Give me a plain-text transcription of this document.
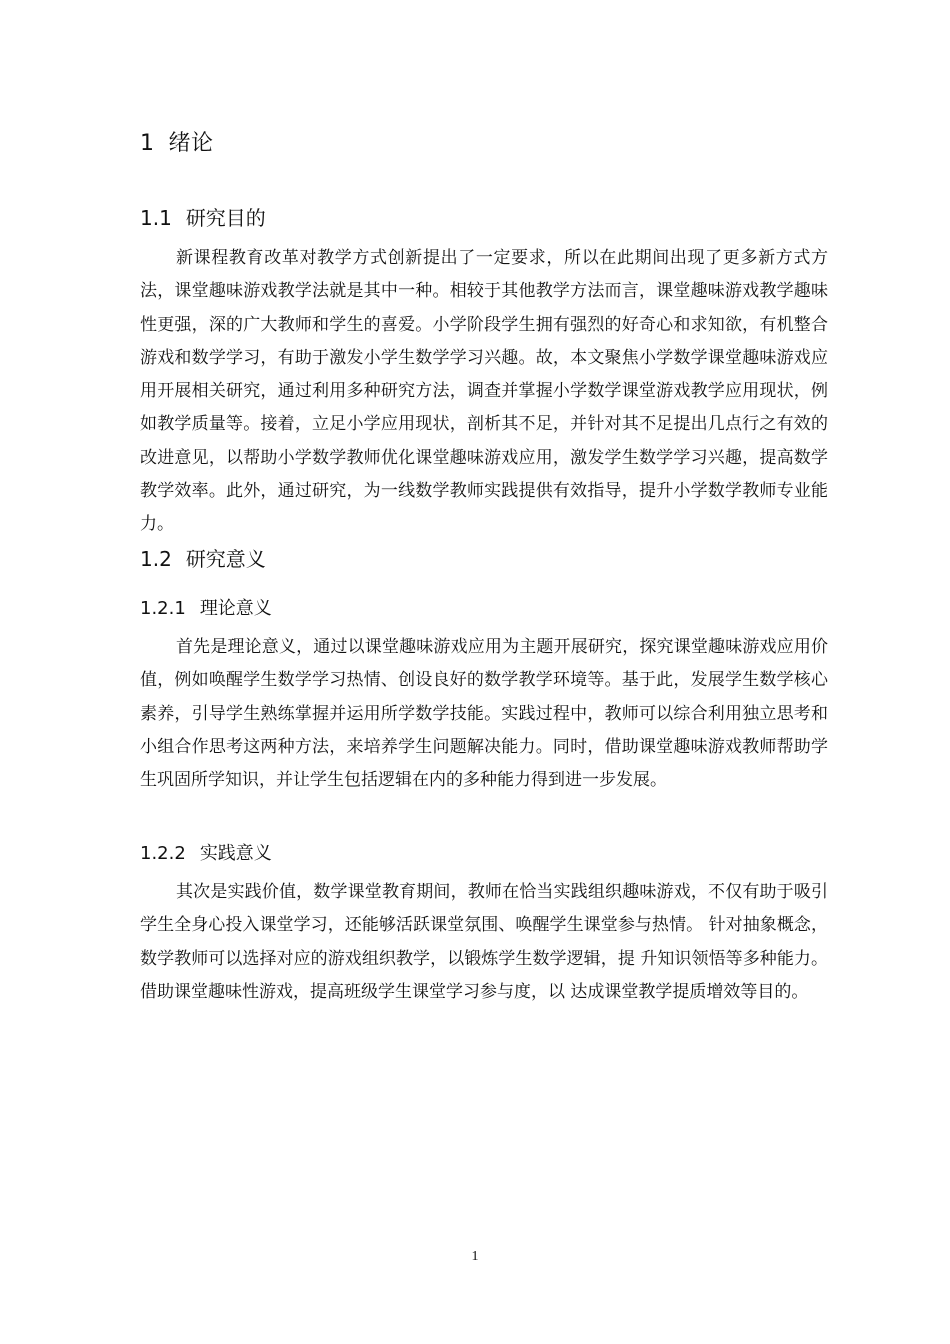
1 绪论
1.1 研究目的

新课程教育改革对教学方式创新提出了一定要求，所以在此期间出现了更多新方式方法，课堂趣味游戏教学法就是其中一种。相较于其他教学方法而言，课堂趣味游戏教学趣味性更强，深的广大教师和学生的喜爱。小学阶段学生拥有强烈的好奇心和求知欲，有机整合游戏和数学学习，有助于激发小学生数学学习兴趣。故，本文聚焦小学数学课堂趣味游戏应用开展相关研究，通过利用多种研究方法，调查并掌握小学数学课堂游戏教学应用现状，例如教学质量等。接着，立足小学应用现状，剖析其不足，并针对其不足提出几点行之有效的改进意见，以帮助小学数学教师优化课堂趣味游戏应用，激发学生数学学习兴趣，提高数学教学效率。此外，通过研究，为一线数学教师实践提供有效指导，提升小学数学教师专业能力。

1.2 研究意义
1.2.1 理论意义

首先是理论意义，通过以课堂趣味游戏应用为主题开展研究，探究课堂趣味游戏应用价值，例如唤醒学生数学学习热情、创设良好的数学教学环境等。基于此，发展学生数学核心素养，引导学生熟练掌握并运用所学数学技能。实践过程中，教师可以综合利用独立思考和小组合作思考这两种方法，来培养学生问题解决能力。同时，借助课堂趣味游戏教师帮助学生巩固所学知识，并让学生包括逻辑在内的多种能力得到进一步发展。

1.2.2 实践意义

其次是实践价值，数学课堂教育期间，教师在恰当实践组织趣味游戏，不仅有助于吸引学生全身心投入课堂学习，还能够活跃课堂氛围、唤醒学生课堂参与热情。 针对抽象概念，数学教师可以选择对应的游戏组织教学，以锻炼学生数学逻辑，提 升知识领悟等多种能力。借助课堂趣味性游戏，提高班级学生课堂学习参与度，以 达成课堂教学提质增效等目的。

1
